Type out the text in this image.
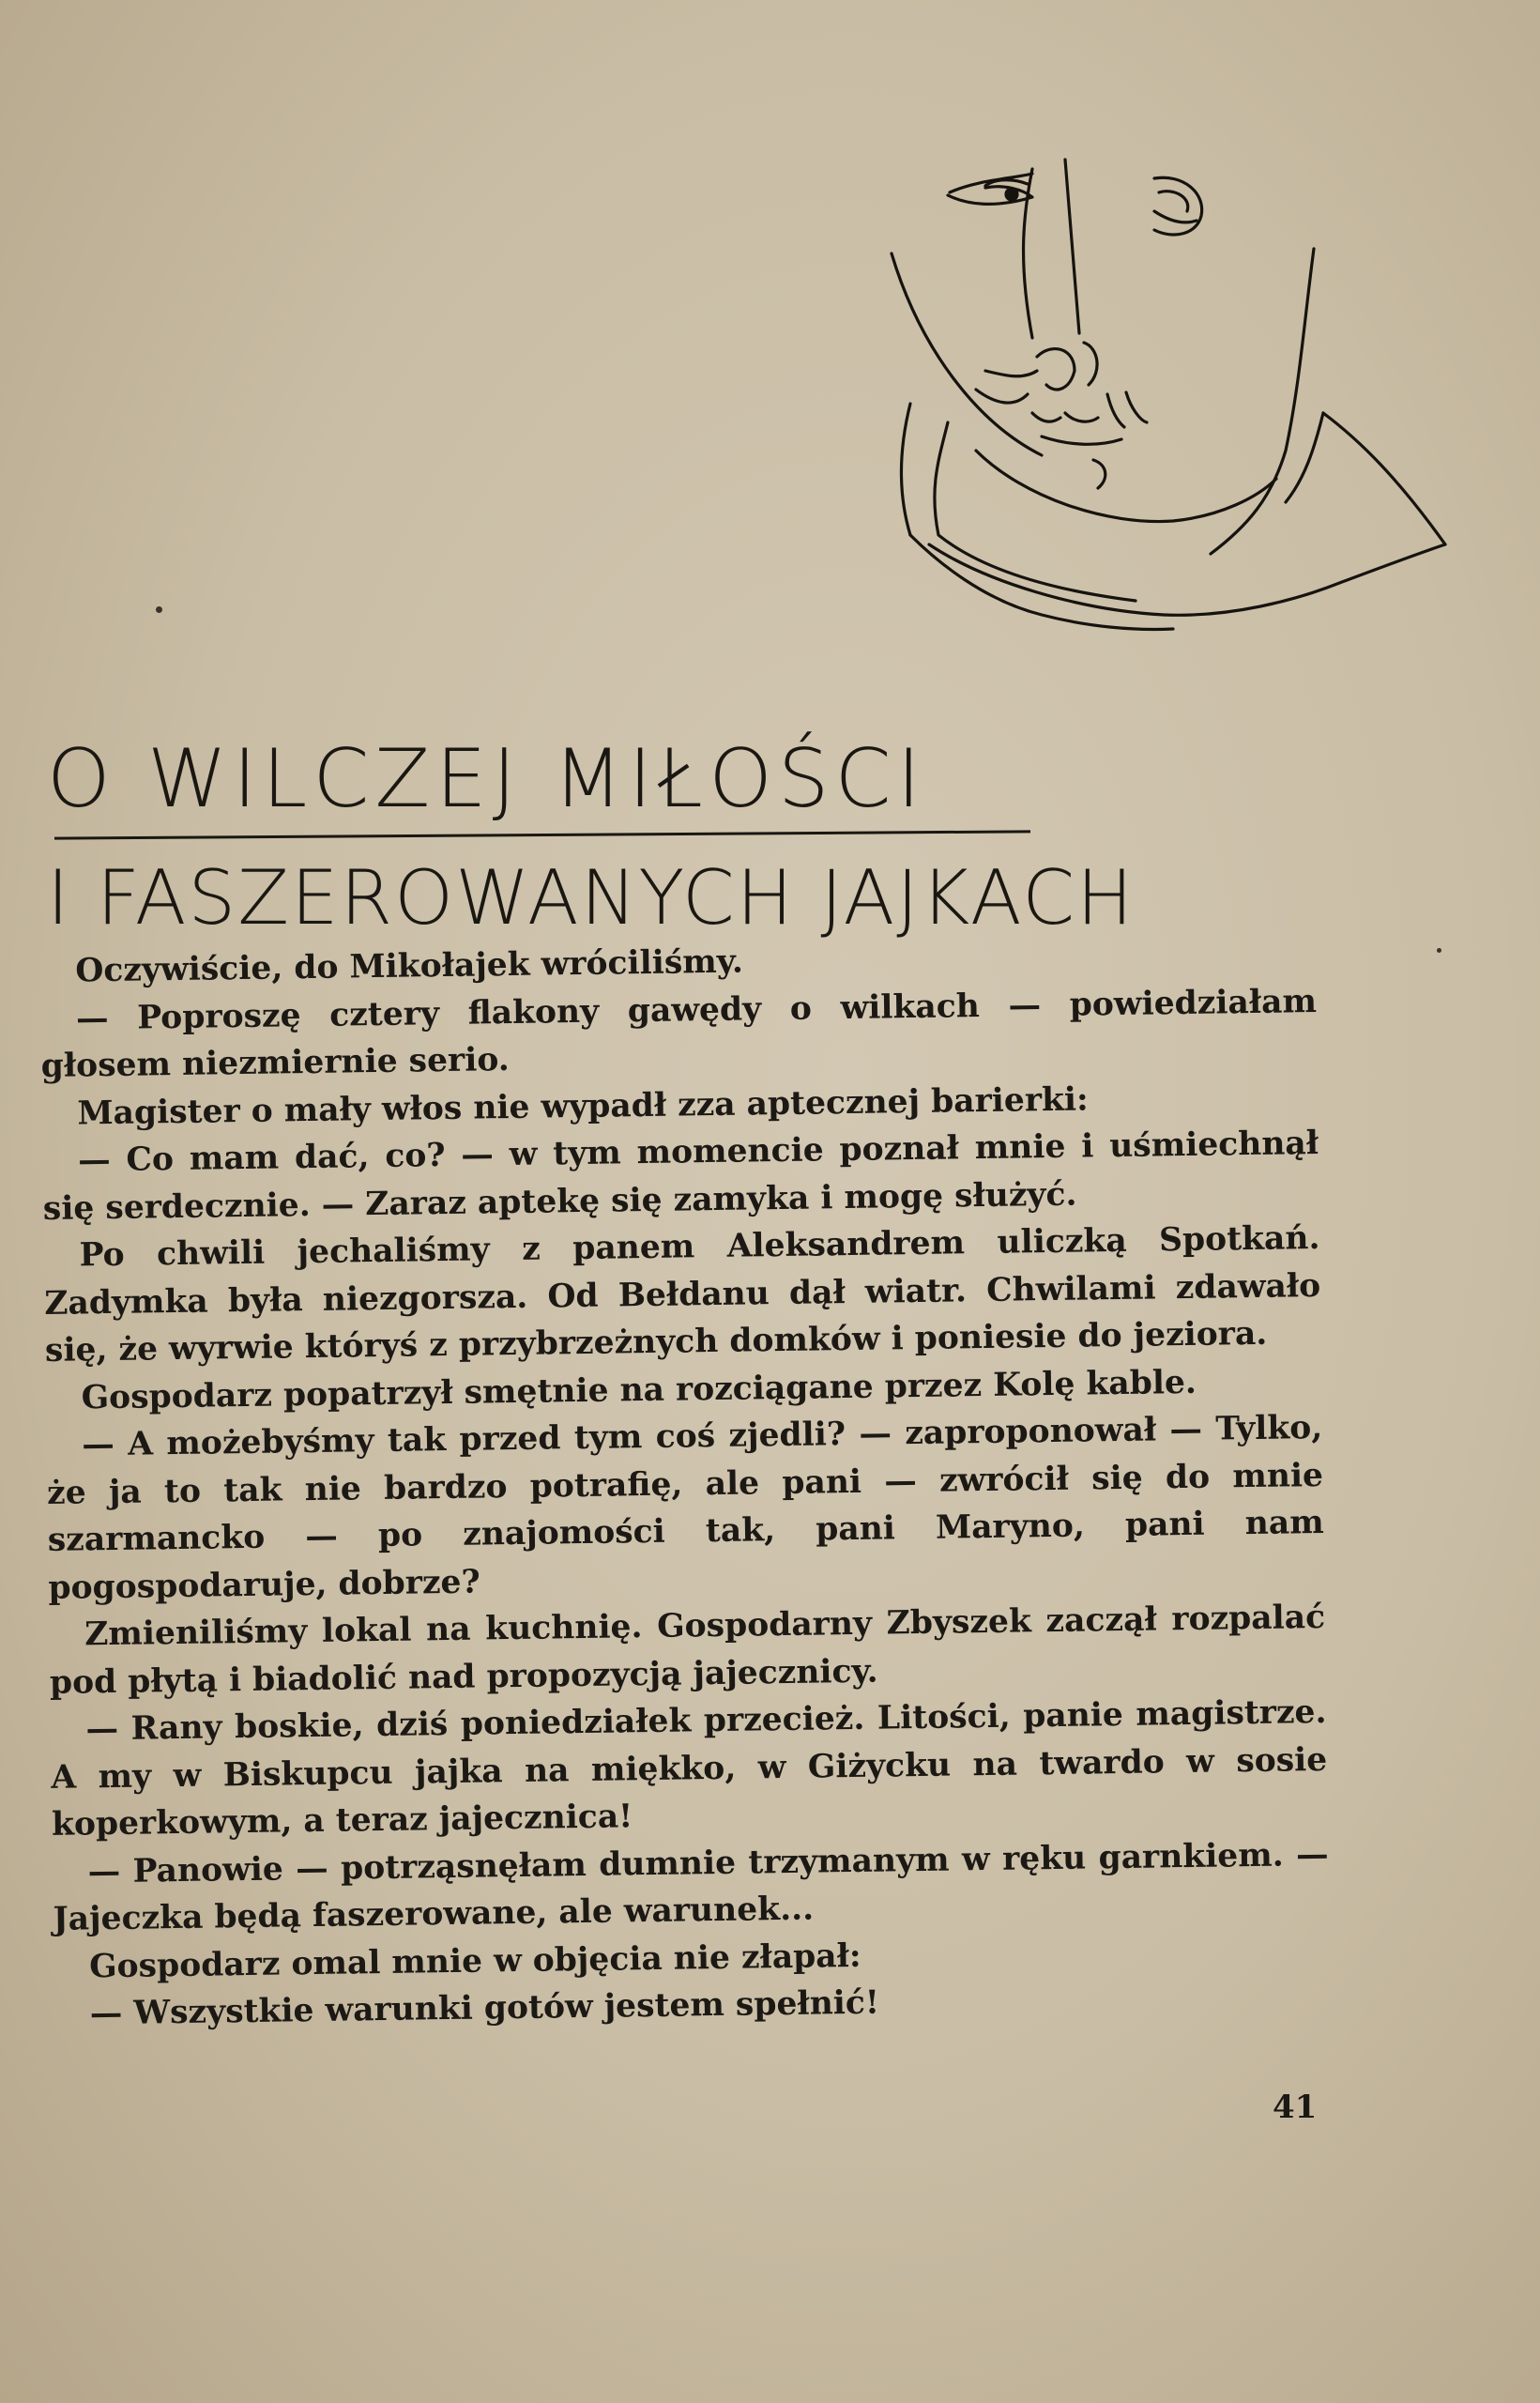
O WILCZEJ MIŁOŚCI
I FASZEROWANYCH JAJKACH

Oczywiście, do Mikołajek wróciliśmy.

— Poproszę cztery flakony gawędy o wilkach — powiedziałam głosem niezmiernie serio.

Magister o mały włos nie wypadł zza aptecznej barierki:

— Co mam dać, co? — w tym momencie poznał mnie i uśmiechnął się serdecznie. — Zaraz aptekę się zamyka i mogę służyć.

Po chwili jechaliśmy z panem Aleksandrem uliczką Spotkań. Zadymka była niezgorsza. Od Bełdanu dął wiatr. Chwilami zdawało się, że wyrwie któryś z przybrzeżnych domków i poniesie do jeziora.

Gospodarz popatrzył smętnie na rozciągane przez Kolę kable.

— A możebyśmy tak przed tym coś zjedli? — zaproponował — Tylko, że ja to tak nie bardzo potrafię, ale pani — zwrócił się do mnie szarmancko — po znajomości tak, pani Maryno, pani nam pogospodaruje, dobrze?

Zmieniliśmy lokal na kuchnię. Gospodarny Zbyszek zaczął rozpalać pod płytą i biadolić nad propozycją jajecznicy.

— Rany boskie, dziś poniedziałek przecież. Litości, panie magistrze. A my w Biskupcu jajka na miękko, w Giżycku na twardo w sosie koperkowym, a teraz jajecznica!

— Panowie — potrząsnęłam dumnie trzymanym w ręku garnkiem. — Jajeczka będą faszerowane, ale warunek...

Gospodarz omal mnie w objęcia nie złapał:

— Wszystkie warunki gotów jestem spełnić!

41
